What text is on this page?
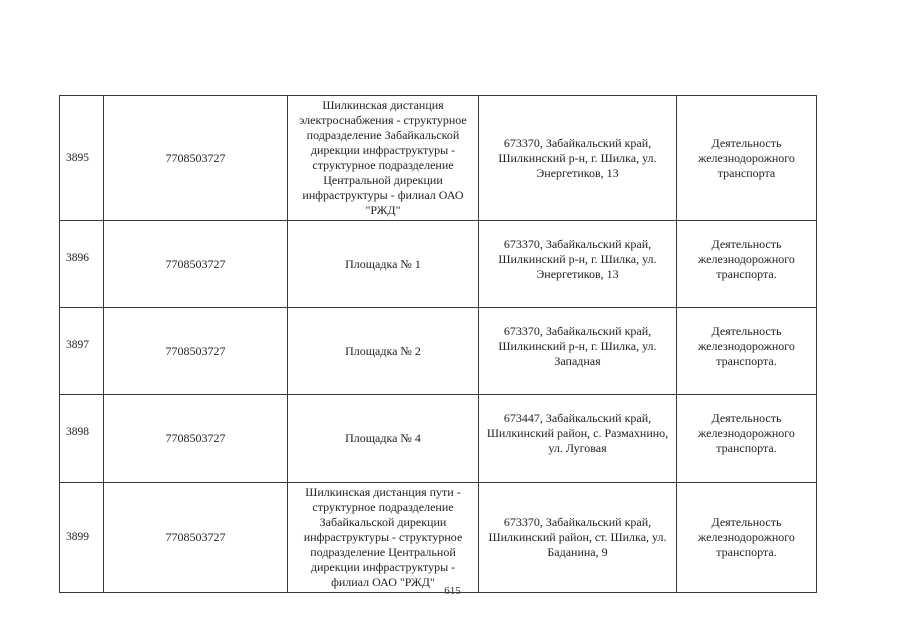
3895	7708503727	Шилкинская дистанция электроснабжения - структурное подразделение Забайкальской дирекции инфраструктуры - структурное подразделение Центральной дирекции инфраструктуры - филиал ОАО "РЖД"	673370, Забайкальский край, Шилкинский р-н, г. Шилка, ул. Энергетиков, 13	Деятельность железнодорожного транспорта

3896	7708503727	Площадка № 1	673370, Забайкальский край, Шилкинский р-н, г. Шилка, ул. Энергетиков, 13	Деятельность железнодорожного транспорта.

3897	7708503727	Площадка № 2	673370, Забайкальский край, Шилкинский р-н, г. Шилка, ул. Западная	Деятельность железнодорожного транспорта.

3898	7708503727	Площадка № 4	673447, Забайкальский край, Шилкинский район, с. Размахнино, ул. Луговая	Деятельность железнодорожного транспорта.

3899	7708503727	Шилкинская дистанция пути - структурное подразделение Забайкальской дирекции инфраструктуры - структурное подразделение Центральной дирекции инфраструктуры - филиал ОАО "РЖД"	673370, Забайкальский край, Шилкинский район, ст. Шилка, ул. Баданина, 9	Деятельность железнодорожного транспорта.
615
